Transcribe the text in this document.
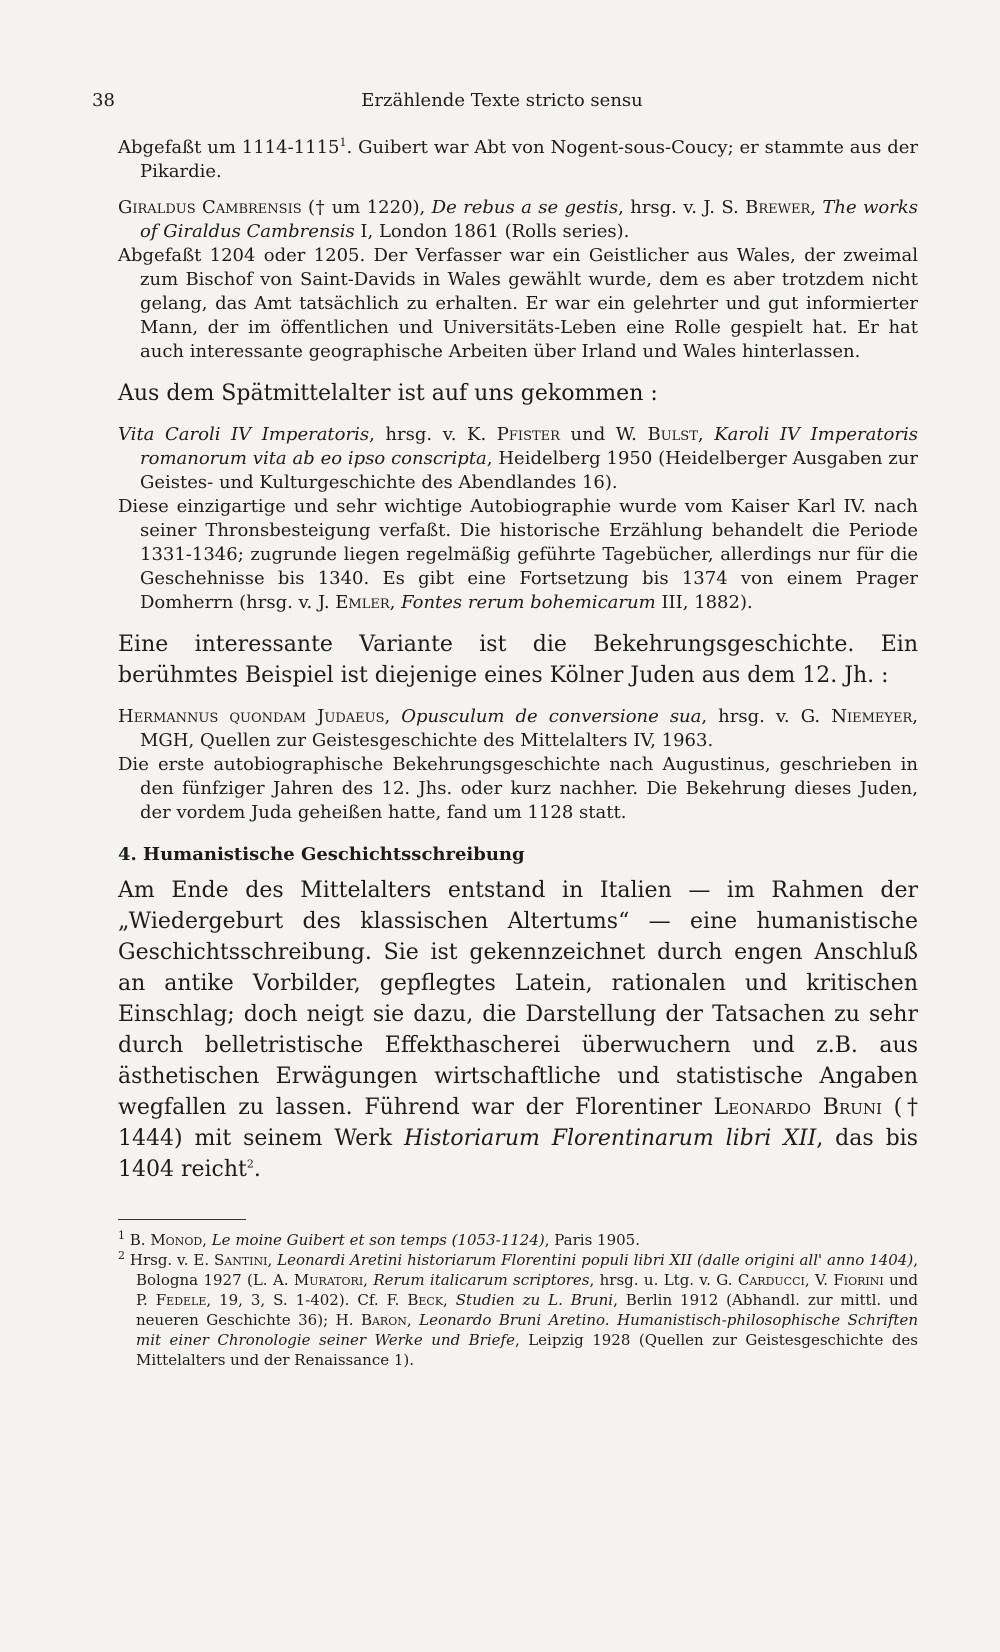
38	Erzählende Texte stricto sensu

Abgefaßt um 1114-1115$^1$. Guibert war Abt von Nogent-sous-Coucy; er stammte aus der Pikardie.

Giraldus Cambrensis († um 1220), De rebus a se gestis, hrsg. v. J. S. Brewer, The works of Giraldus Cambrensis I, London 1861 (Rolls series).

Abgefaßt 1204 oder 1205. Der Verfasser war ein Geistlicher aus Wales, der zweimal zum Bischof von Saint-Davids in Wales gewählt wurde, dem es aber trotzdem nicht gelang, das Amt tatsächlich zu erhalten. Er war ein gelehrter und gut informierter Mann, der im öffentlichen und Universitäts-Leben eine Rolle gespielt hat. Er hat auch interessante geographische Arbeiten über Irland und Wales hinterlassen.

Aus dem Spätmittelalter ist auf uns gekommen :

Vita Caroli IV Imperatoris, hrsg. v. K. Pfister und W. Bulst, Karoli IV Imperatoris romanorum vita ab eo ipso conscripta, Heidelberg 1950 (Heidelberger Ausgaben zur Geistes- und Kulturgeschichte des Abendlandes 16).

Diese einzigartige und sehr wichtige Autobiographie wurde vom Kaiser Karl IV. nach seiner Thronsbesteigung verfaßt. Die historische Erzählung behandelt die Periode 1331-1346; zugrunde liegen regelmäßig geführte Tagebücher, allerdings nur für die Geschehnisse bis 1340. Es gibt eine Fortsetzung bis 1374 von einem Prager Domherrn (hrsg. v. J. Emler, Fontes rerum bohemicarum III, 1882).

Eine interessante Variante ist die Bekehrungsgeschichte. Ein berühmtes Beispiel ist diejenige eines Kölner Juden aus dem 12. Jh. :

Hermannus quondam Judaeus, Opusculum de conversione sua, hrsg. v. G. Niemeyer, MGH, Quellen zur Geistesgeschichte des Mittelalters IV, 1963.

Die erste autobiographische Bekehrungsgeschichte nach Augustinus, geschrieben in den fünfziger Jahren des 12. Jhs. oder kurz nachher. Die Bekehrung dieses Juden, der vordem Juda geheißen hatte, fand um 1128 statt.

4. Humanistische Geschichtsschreibung

Am Ende des Mittelalters entstand in Italien — im Rahmen der „Wiedergeburt des klassischen Altertums“ — eine humanistische Geschichtsschreibung. Sie ist gekennzeichnet durch engen Anschluß an antike Vorbilder, gepflegtes Latein, rationalen und kritischen Einschlag; doch neigt sie dazu, die Darstellung der Tatsachen zu sehr durch belletristische Effekthascherei überwuchern und z.B. aus ästhetischen Erwägungen wirtschaftliche und statistische Angaben wegfallen zu lassen. Führend war der Florentiner Leonardo Bruni († 1444) mit seinem Werk Historiarum Florentinarum libri XII, das bis 1404 reicht$^2$.

$^1$ B. Monod, Le moine Guibert et son temps (1053-1124), Paris 1905.

$^2$ Hrsg. v. E. Santini, Leonardi Aretini historiarum Florentini populi libri XII (dalle origini all' anno 1404), Bologna 1927 (L. A. Muratori, Rerum italicarum scriptores, hrsg. u. Ltg. v. G. Carducci, V. Fiorini und P. Fedele, 19, 3, S. 1-402). Cf. F. Beck, Studien zu L. Bruni, Berlin 1912 (Abhandl. zur mittl. und neueren Geschichte 36); H. Baron, Leonardo Bruni Aretino. Humanistisch-philosophische Schriften mit einer Chronologie seiner Werke und Briefe, Leipzig 1928 (Quellen zur Geistesgeschichte des Mittelalters und der Renaissance 1).
